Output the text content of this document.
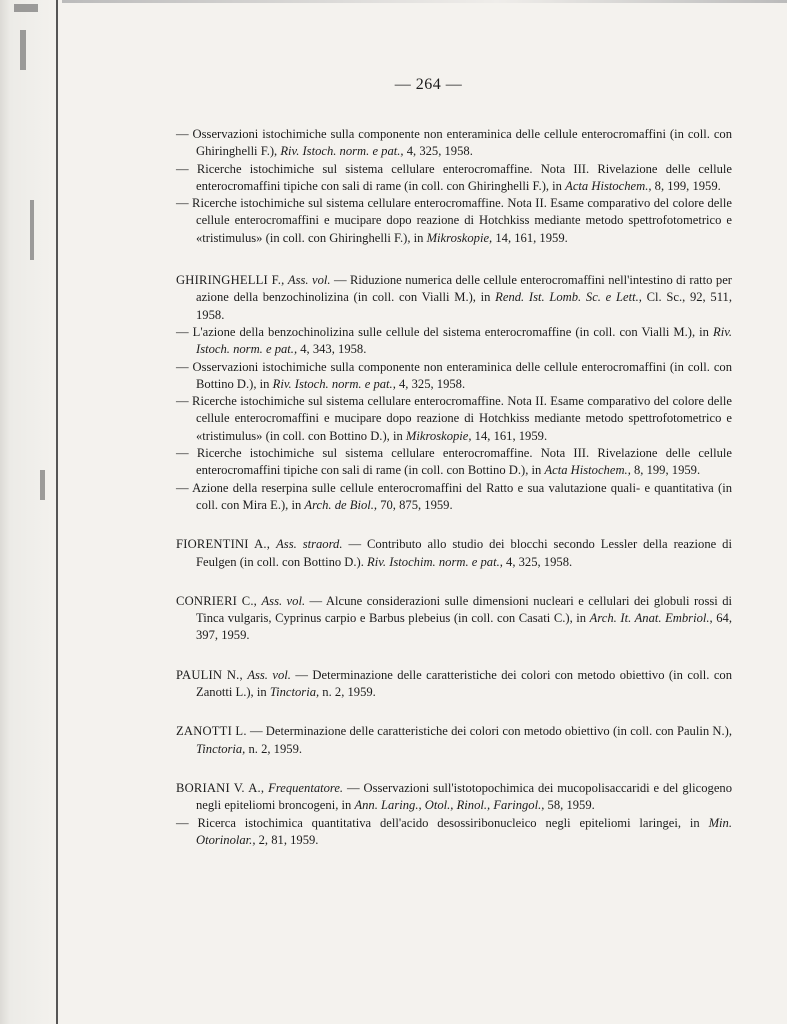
— 264 —

— Osservazioni istochimiche sulla componente non enteraminica delle cellule enterocromaffini (in coll. con Ghiringhelli F.), Riv. Istoch. norm. e pat., 4, 325, 1958.

— Ricerche istochimiche sul sistema cellulare enterocromaffine. Nota III. Rivelazione delle cellule enterocromaffini tipiche con sali di rame (in coll. con Ghiringhelli F.), in Acta Histochem., 8, 199, 1959.

— Ricerche istochimiche sul sistema cellulare enterocromaffine. Nota II. Esame comparativo del colore delle cellule enterocromaffini e mucipare dopo reazione di Hotchkiss mediante metodo spettrofotometrico e «tristimulus» (in coll. con Ghiringhelli F.), in Mikroskopie, 14, 161, 1959.

GHIRINGHELLI F., Ass. vol. — Riduzione numerica delle cellule enterocromaffini nell'intestino di ratto per azione della benzochinolizina (in coll. con Vialli M.), in Rend. Ist. Lomb. Sc. e Lett., Cl. Sc., 92, 511, 1958.

— L'azione della benzochinolizina sulle cellule del sistema enterocromaffine (in coll. con Vialli M.), in Riv. Istoch. norm. e pat., 4, 343, 1958.

— Osservazioni istochimiche sulla componente non enteraminica delle cellule enterocromaffini (in coll. con Bottino D.), in Riv. Istoch. norm. e pat., 4, 325, 1958.

— Ricerche istochimiche sul sistema cellulare enterocromaffine. Nota II. Esame comparativo del colore delle cellule enterocromaffini e mucipare dopo reazione di Hotchkiss mediante metodo spettrofotometrico e «tristimulus» (in coll. con Bottino D.), in Mikroskopie, 14, 161, 1959.

— Ricerche istochimiche sul sistema cellulare enterocromaffine. Nota III. Rivelazione delle cellule enterocromaffini tipiche con sali di rame (in coll. con Bottino D.), in Acta Histochem., 8, 199, 1959.

— Azione della reserpina sulle cellule enterocromaffini del Ratto e sua valutazione quali- e quantitativa (in coll. con Mira E.), in Arch. de Biol., 70, 875, 1959.

FIORENTINI A., Ass. straord. — Contributo allo studio dei blocchi secondo Lessler della reazione di Feulgen (in coll. con Bottino D.). Riv. Istochim. norm. e pat., 4, 325, 1958.

CONRIERI C., Ass. vol. — Alcune considerazioni sulle dimensioni nucleari e cellulari dei globuli rossi di Tinca vulgaris, Cyprinus carpio e Barbus plebeius (in coll. con Casati C.), in Arch. It. Anat. Embriol., 64, 397, 1959.

PAULIN N., Ass. vol. — Determinazione delle caratteristiche dei colori con metodo obiettivo (in coll. con Zanotti L.), in Tinctoria, n. 2, 1959.

ZANOTTI L. — Determinazione delle caratteristiche dei colori con metodo obiettivo (in coll. con Paulin N.), Tinctoria, n. 2, 1959.

BORIANI V. A., Frequentatore. — Osservazioni sull'istotopochimica dei mucopolisaccaridi e del glicogeno negli epiteliomi broncogeni, in Ann. Laring., Otol., Rinol., Faringol., 58, 1959.

— Ricerca istochimica quantitativa dell'acido desossiribonucleico negli epiteliomi laringei, in Min. Otorinolar., 2, 81, 1959.
